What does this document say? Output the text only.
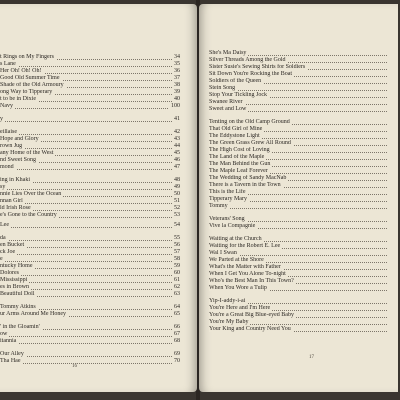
16
t Rings on My Fingers	34
s Lane	35
Her Oh! Oh! Oh!	36
Good Old Summer Time	37
Shade of the Old Armoury	38
ong Way to Tipperary	39
t to be in Dixie	40
Navy	100
y	41
eillaise	42
Hope and Glory	43
rown Jug	44
any Home of the West	45
nd Sweet Song	46
mond	47
ing in Khaki	48
sy	49
nnie Lies Over the Ocean	50
nnan Girl	51
ld Irish Rose	52
e's Gone to the Country	53
Lee	54
da	55
en Bucket	56
ck Joe	57
e	58
ntucky Home	59
Dolores	60
Mississippi	61
es in Brown	62
Beautiful Doll	63
Tommy Atkins	64
ur Arms Around Me Honey	65
' in the Gloamin'	66
ow	67
itannia	68
Our Alley	69
Tha Hae	70
17
She's Ma Daisy
Silver Threads Among the Gold
Sister Susie's Sewing Shirts for Soldiers
Sit Down You're Rocking the Boat
Soldiers of the Queen
Stein Song
Stop Your Tickling Jock
Swanee River
Sweet and Low
Tenting on the Old Camp Ground
That Old Girl of Mine
The Eddystone Light
The Green Grass Grew All Round
The High Cost of Loving
The Land of the Maple
The Man Behind the Gun
The Maple Leaf Forever
The Wedding of Sandy MacNab
There is a Tavern in the Town
This is the Life
Tipperary Mary
Tommy
Veterans' Song
Vive la Compagnie
Waiting at the Church
Waiting for the Robert E. Lee
Wal I Swan
We Parted at the Shore
What's the Matter with Father
When I Get You Alone To-night
Who's the Best Man In This Town?
When You Wore a Tulip
Yip-I-addy-i-ai
You're Here and I'm Here
You're a Great Big Blue-eyed Baby
You're My Baby
Your King and Country Need You
